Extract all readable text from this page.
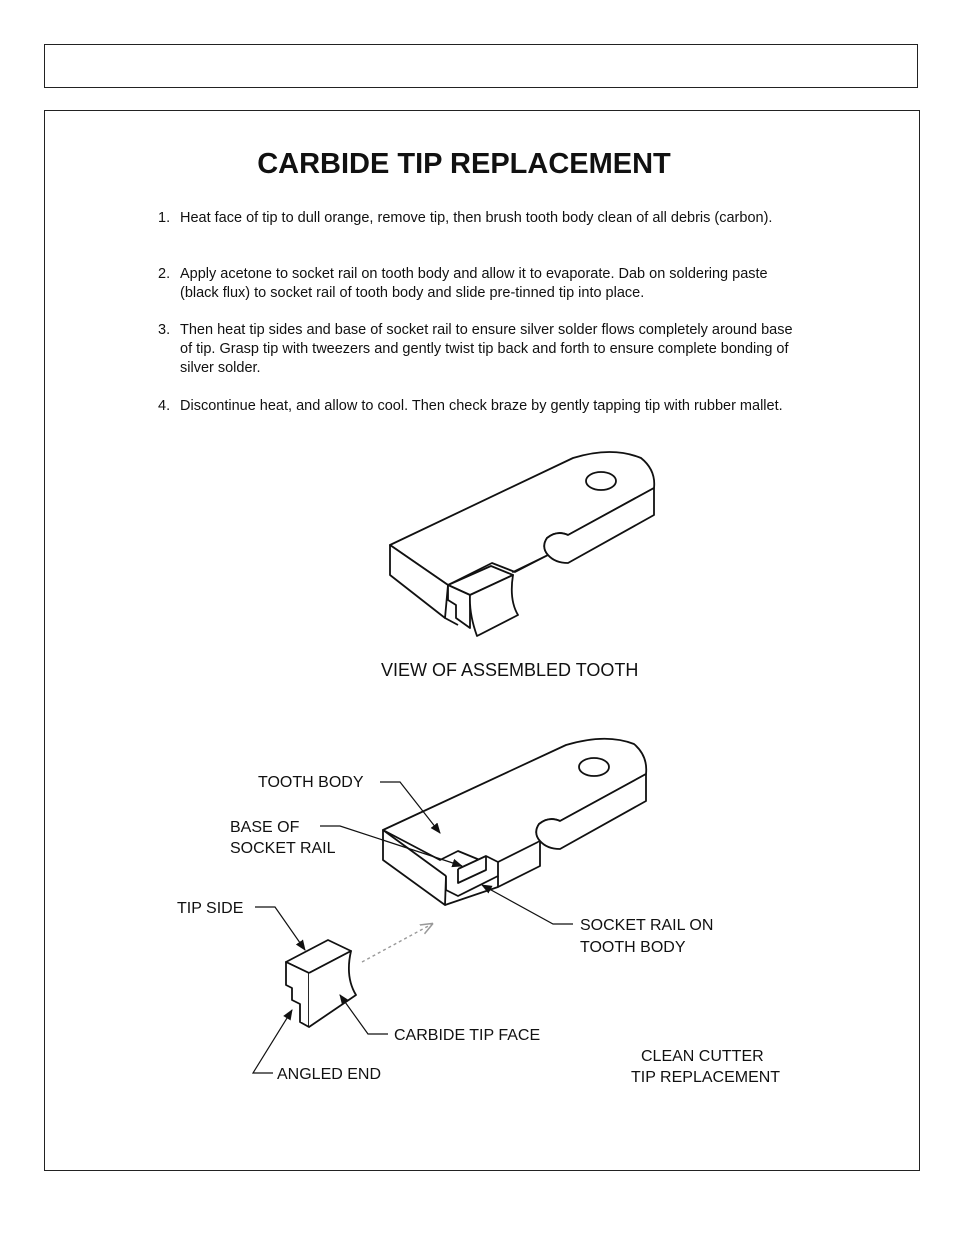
CARBIDE TIP REPLACEMENT
1. Heat face of tip to dull orange, remove tip, then brush tooth body clean of all debris (carbon).
2. Apply acetone to socket rail on tooth body and allow it to evaporate. Dab on soldering paste (black flux) to socket rail of tooth body and slide pre-tinned tip into place.
3. Then heat tip sides and base of socket rail to ensure silver solder flows completely around base of tip. Grasp tip with tweezers and gently twist tip back and forth to ensure complete bonding of silver solder.
4. Discontinue heat, and allow to cool. Then check braze by gently tapping tip with rubber mallet.
VIEW OF ASSEMBLED TOOTH
TOOTH BODY
BASE OF
SOCKET RAIL
TIP SIDE
SOCKET RAIL ON
TOOTH BODY
CARBIDE TIP FACE
ANGLED END
CLEAN CUTTER
TIP REPLACEMENT
